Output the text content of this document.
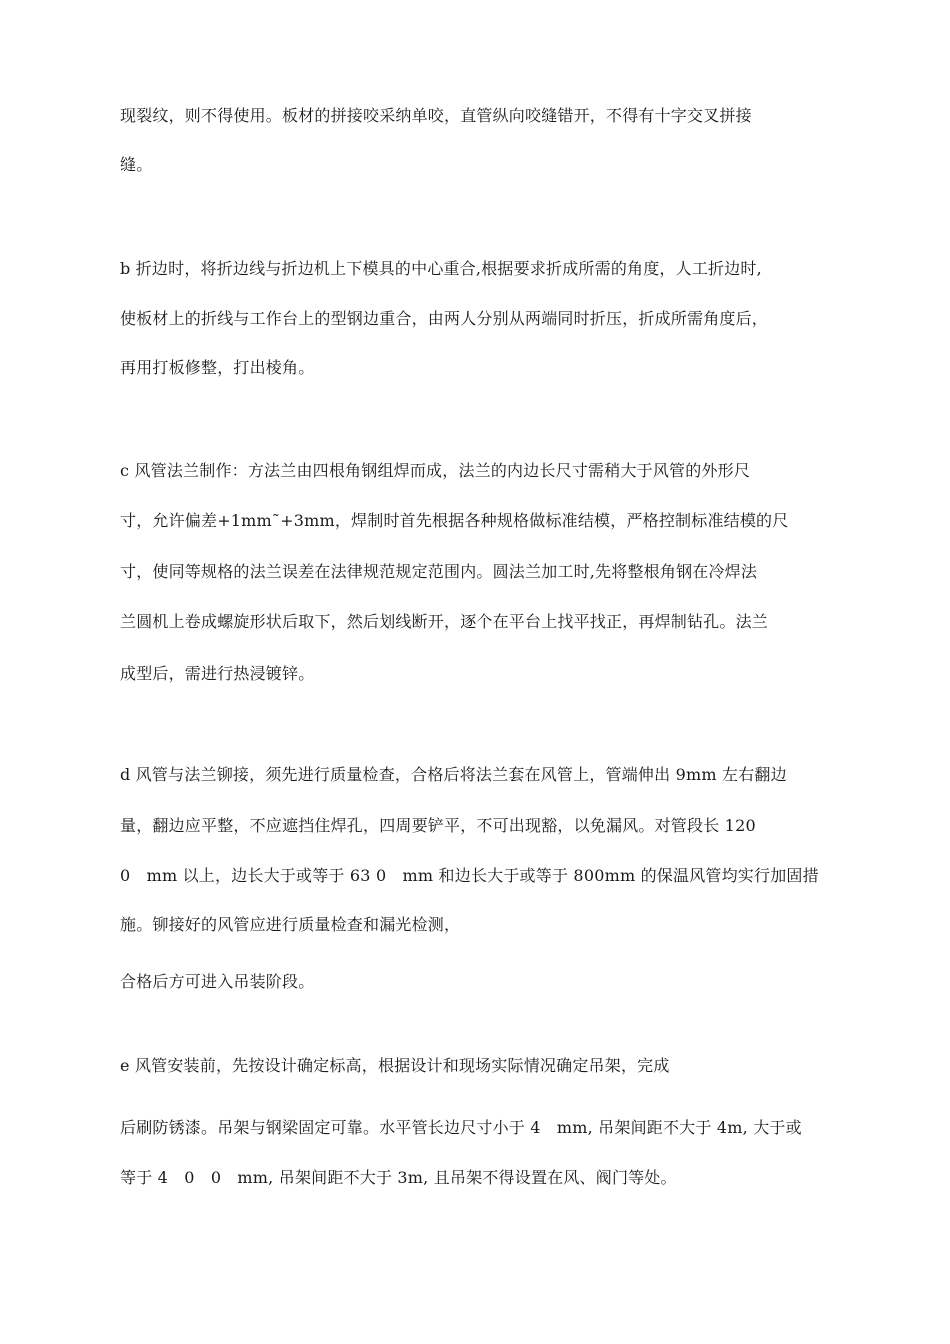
现裂纹，则不得使用。板材的拼接咬采纳单咬，直管纵向咬缝错开，不得有十字交叉拼接
缝。
b 折边时，将折边线与折边机上下模具的中心重合,根据要求折成所需的角度，人工折边时,
使板材上的折线与工作台上的型钢边重合，由两人分别从两端同时折压，折成所需角度后，
再用打板修整，打出棱角。
c 风管法兰制作：方法兰由四根角钢组焊而成，法兰的内边长尺寸需稍大于风管的外形尺
寸，允许偏差+1mm˜+3mm，焊制时首先根据各种规格做标准结模，严格控制标准结模的尺
寸，使同等规格的法兰误差在法律规范规定范围内。圆法兰加工时,先将整根角钢在冷焊法
兰圆机上卷成螺旋形状后取下，然后划线断开，逐个在平台上找平找正，再焊制钻孔。法兰
成型后，需进行热浸镀锌。
d 风管与法兰铆接，须先进行质量检查，合格后将法兰套在风管上，管端伸出 9mm 左右翻边
量，翻边应平整，不应遮挡住焊孔，四周要铲平，不可出现豁，以免漏风。对管段长 120
0　mm 以上，边长大于或等于 63 0　mm 和边长大于或等于 800mm 的保温风管均实行加固措
施。铆接好的风管应进行质量检查和漏光检测，
合格后方可进入吊装阶段。
e 风管安装前，先按设计确定标高，根据设计和现场实际情况确定吊架，完成
后刷防锈漆。吊架与钢梁固定可靠。水平管长边尺寸小于 4　mm, 吊架间距不大于 4m, 大于或
等于 4　0　0　mm, 吊架间距不大于 3m, 且吊架不得设置在风、阀门等处。
